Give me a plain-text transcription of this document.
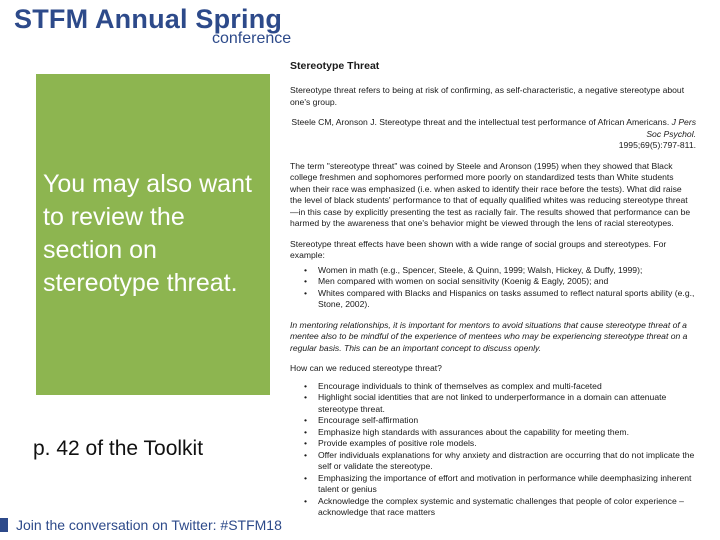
STFM Annual Spring
conference
You may also want to review the section on stereotype threat.
p. 42 of the Toolkit
Stereotype Threat

Stereotype threat refers to being at risk of confirming, as self-characteristic, a negative stereotype about one's group.

Steele CM, Aronson J. Stereotype threat and the intellectual test performance of African Americans. J Pers Soc Psychol.
1995;69(5):797-811.

The term "stereotype threat" was coined by Steele and Aronson (1995) when they showed that Black college freshmen and sophomores performed more poorly on standardized tests than White students when their race was emphasized (i.e. when asked to identify their race before the tests). What did raise the level of black students' performance to that of equally qualified whites was reducing stereotype threat—in this case by explicitly presenting the test as racially fair. The results showed that performance can be harmed by the awareness that one's behavior might be viewed through the lens of racial stereotypes.

Stereotype threat effects have been shown with a wide range of social groups and stereotypes. For example:

• Women in math (e.g., Spencer, Steele, & Quinn, 1999; Walsh, Hickey, & Duffy, 1999);
• Men compared with women on social sensitivity (Koenig & Eagly, 2005); and
• Whites compared with Blacks and Hispanics on tasks assumed to reflect natural sports ability (e.g., Stone, 2002).

In mentoring relationships, it is important for mentors to avoid situations that cause stereotype threat of a mentee also to be mindful of the experience of mentees who may be experiencing stereotype threat on a regular basis. This can be an important concept to discuss openly.

How can we reduced stereotype threat?

• Encourage individuals to think of themselves as complex and multi-faceted
• Highlight social identities that are not linked to underperformance in a domain can attenuate stereotype threat.
• Encourage self-affirmation
• Emphasize high standards with assurances about the capability for meeting them.
• Provide examples of positive role models.
• Offer individuals explanations for why anxiety and distraction are occurring that do not implicate the self or validate the stereotype.
• Emphasizing the importance of effort and motivation in performance while deemphasizing inherent talent or genius
• Acknowledge the complex systemic and systematic challenges that people of color experience – acknowledge that race matters
Join the conversation on Twitter: #STFM18
